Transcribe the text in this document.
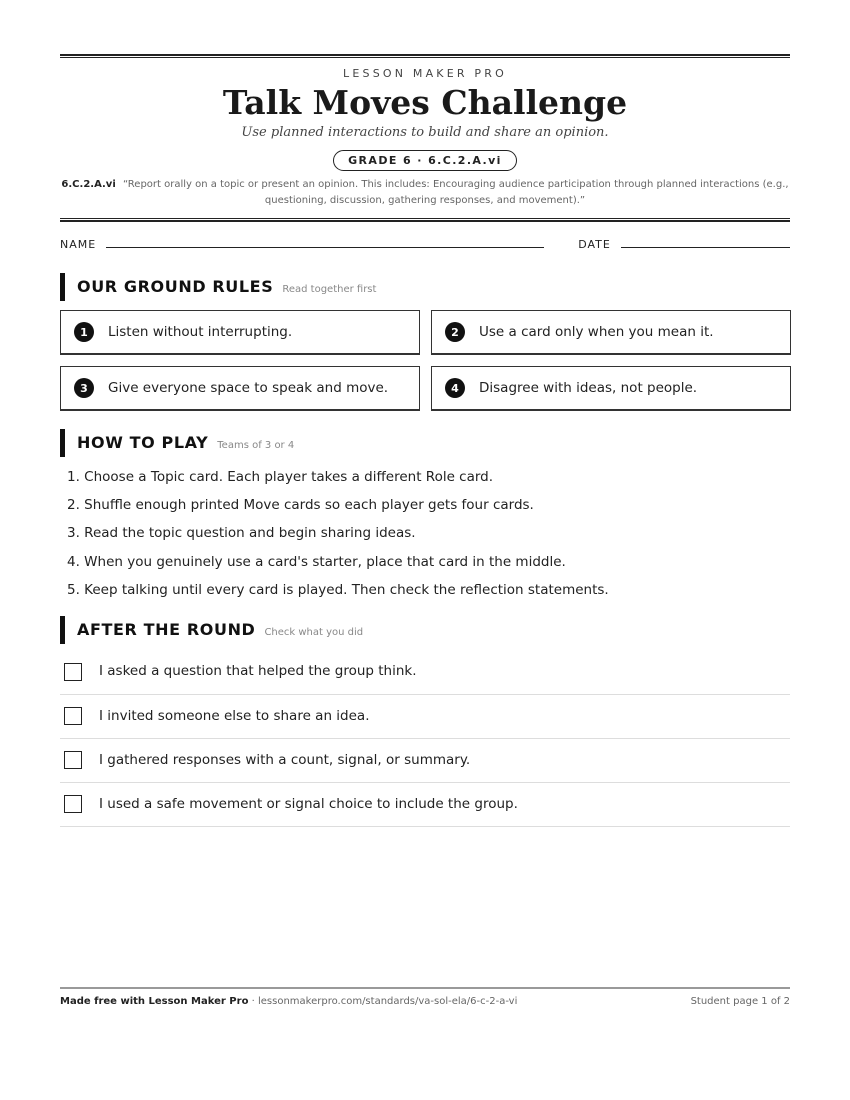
LESSON MAKER PRO
Talk Moves Challenge
Use planned interactions to build and share an opinion.
GRADE 6 · 6.C.2.A.vi
6.C.2.A.vi “Report orally on a topic or present an opinion. This includes: Encouraging audience participation through planned interactions (e.g., questioning, discussion, gathering responses, and movement).”
NAME	DATE
OUR GROUND RULES Read together first
1	Listen without interrupting.	2	Use a card only when you mean it.
3	Give everyone space to speak and move.	4	Disagree with ideas, not people.
HOW TO PLAY Teams of 3 or 4
1. Choose a Topic card. Each player takes a different Role card.
2. Shuffle enough printed Move cards so each player gets four cards.
3. Read the topic question and begin sharing ideas.
4. When you genuinely use a card's starter, place that card in the middle.
5. Keep talking until every card is played. Then check the reflection statements.
AFTER THE ROUND Check what you did
I asked a question that helped the group think.
I invited someone else to share an idea.
I gathered responses with a count, signal, or summary.
I used a safe movement or signal choice to include the group.
Made free with Lesson Maker Pro · lessonmakerpro.com/standards/va-sol-ela/6-c-2-a-vi	Student page 1 of 2
